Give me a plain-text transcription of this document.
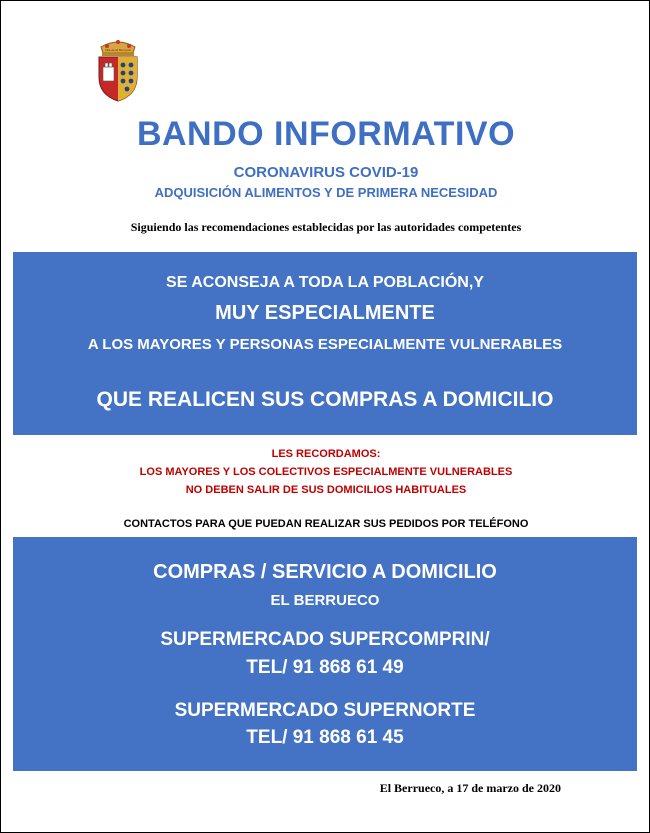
Villa de El Berrueco
BANDO INFORMATIVO
CORONAVIRUS COVID-19
ADQUISICIÓN ALIMENTOS Y DE PRIMERA NECESIDAD
Siguiendo las recomendaciones establecidas por las autoridades competentes
SE ACONSEJA A TODA LA POBLACIÓN,Y
MUY ESPECIALMENTE
A LOS MAYORES Y PERSONAS ESPECIALMENTE VULNERABLES
QUE REALICEN SUS COMPRAS A DOMICILIO
LES RECORDAMOS:
LOS MAYORES Y LOS COLECTIVOS ESPECIALMENTE VULNERABLES
NO DEBEN SALIR DE SUS DOMICILIOS HABITUALES
CONTACTOS PARA QUE PUEDAN REALIZAR SUS PEDIDOS POR TELÉFONO
COMPRAS / SERVICIO A DOMICILIO
EL BERRUECO
SUPERMERCADO SUPERCOMPRIN/
TEL/ 91 868 61 49
SUPERMERCADO SUPERNORTE
TEL/ 91 868 61 45
El Berrueco, a 17 de marzo de 2020
